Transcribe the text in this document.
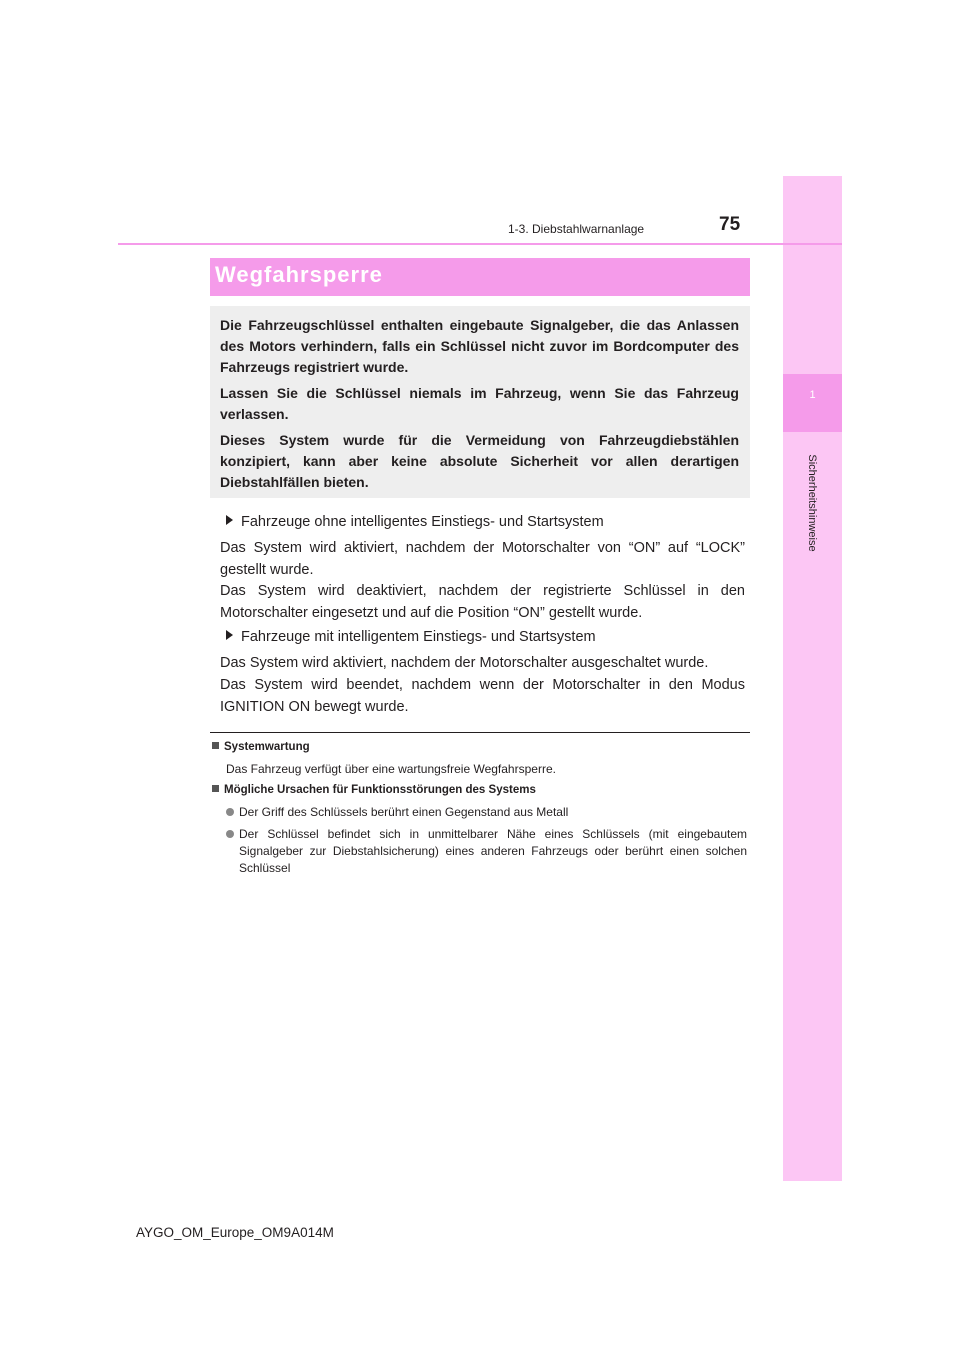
1
Sicherheitshinweise
1-3. Diebstahlwarnanlage	75
Wegfahrsperre

Die Fahrzeugschlüssel enthalten eingebaute Signalgeber, die das Anlassen des Motors verhindern, falls ein Schlüssel nicht zuvor im Bordcomputer des Fahrzeugs registriert wurde.

Lassen Sie die Schlüssel niemals im Fahrzeug, wenn Sie das Fahrzeug verlassen.

Dieses System wurde für die Vermeidung von Fahrzeugdiebstählen konzipiert, kann aber keine absolute Sicherheit vor allen derartigen Diebstahlfällen bieten.

Fahrzeuge ohne intelligentes Einstiegs- und Startsystem

Das System wird aktiviert, nachdem der Motorschalter von “ON” auf “LOCK” gestellt wurde.

Das System wird deaktiviert, nachdem der registrierte Schlüssel in den Motorschalter eingesetzt und auf die Position “ON” gestellt wurde.

Fahrzeuge mit intelligentem Einstiegs- und Startsystem

Das System wird aktiviert, nachdem der Motorschalter ausgeschaltet wurde.

Das System wird beendet, nachdem wenn der Motorschalter in den Modus IGNITION ON bewegt wurde.

Systemwartung

Das Fahrzeug verfügt über eine wartungsfreie Wegfahrsperre.

Mögliche Ursachen für Funktionsstörungen des Systems

Der Griff des Schlüssels berührt einen Gegenstand aus Metall

Der Schlüssel befindet sich in unmittelbarer Nähe eines Schlüssels (mit eingebautem Signalgeber zur Diebstahlsicherung) eines anderen Fahrzeugs oder berührt einen solchen Schlüssel

AYGO_OM_Europe_OM9A014M
